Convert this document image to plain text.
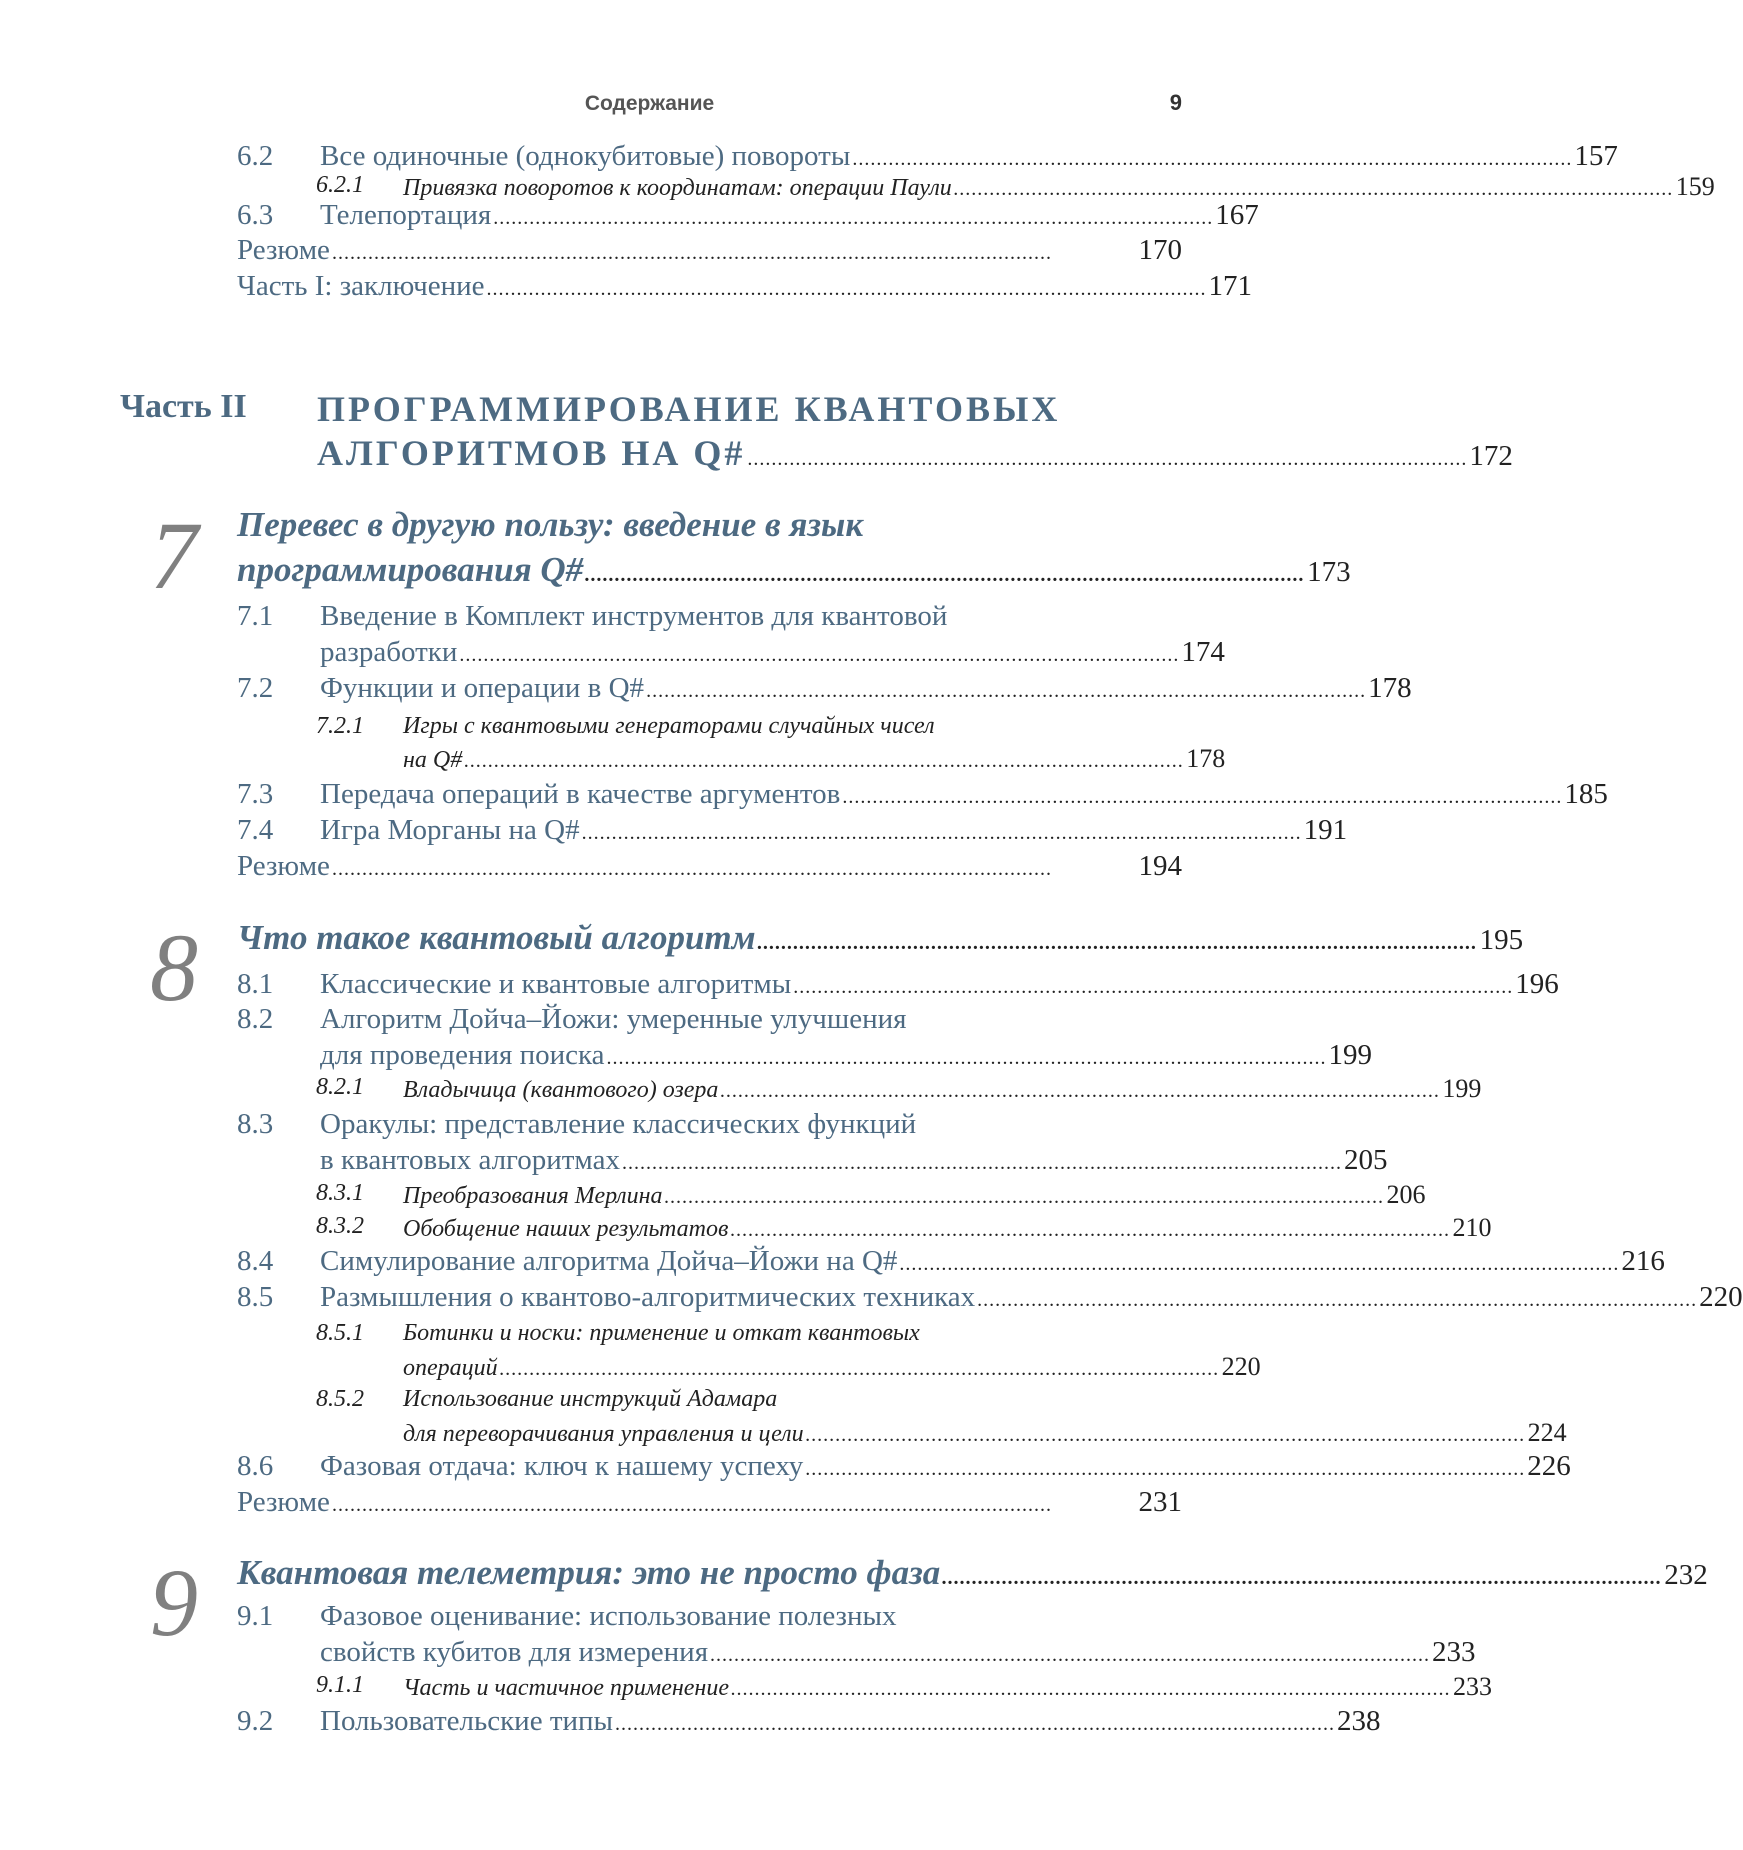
Содержание	9
6.2 Все одиночные (однокубитовые) повороты ........................................................................................................................ 157
6.2.1 Привязка поворотов к координатам: операции Паули ........................................................................................................................ 159
6.3 Телепортация ........................................................................................................................ 167
Резюме ........................................................................................................................	170
Часть I: заключение ........................................................................................................................ 171
Часть II ПРОГРАММИРОВАНИЕ КВАНТОВЫХ
АЛГОРИТМОВ НА Q# ........................................................................................................................ 172
7 Перевес в другую пользу: введение в язык
программирования Q# ........................................................................................................................ 173
7.1 Введение в Комплект инструментов для квантовой
разработки ........................................................................................................................ 174
7.2 Функции и операции в Q# ........................................................................................................................ 178
7.2.1 Игры с квантовыми генераторами случайных чисел
на Q# ........................................................................................................................ 178
7.3 Передача операций в качестве аргументов ........................................................................................................................ 185
7.4 Игра Морганы на Q# ........................................................................................................................ 191
Резюме ........................................................................................................................	194
8 Что такое квантовый алгоритм ........................................................................................................................ 195
8.1 Классические и квантовые алгоритмы ........................................................................................................................ 196
8.2 Алгоритм Дойча–Йожи: умеренные улучшения
для проведения поиска ........................................................................................................................ 199
8.2.1 Владычица (квантового) озера ........................................................................................................................ 199
8.3 Оракулы: представление классических функций
в квантовых алгоритмах ........................................................................................................................ 205
8.3.1 Преобразования Мерлина ........................................................................................................................ 206
8.3.2 Обобщение наших результатов ........................................................................................................................ 210
8.4 Симулирование алгоритма Дойча–Йожи на Q# ........................................................................................................................ 216
8.5 Размышления о квантово-алгоритмических техниках ........................................................................................................................ 220
8.5.1 Ботинки и носки: применение и откат квантовых
операций ........................................................................................................................ 220
8.5.2 Использование инструкций Адамара
для переворачивания управления и цели ........................................................................................................................ 224
8.6 Фазовая отдача: ключ к нашему успеху ........................................................................................................................ 226
Резюме ........................................................................................................................	231
9 Квантовая телеметрия: это не просто фаза ........................................................................................................................ 232
9.1 Фазовое оценивание: использование полезных
свойств кубитов для измерения ........................................................................................................................ 233
9.1.1 Часть и частичное применение ........................................................................................................................ 233
9.2 Пользовательские типы ........................................................................................................................ 238
